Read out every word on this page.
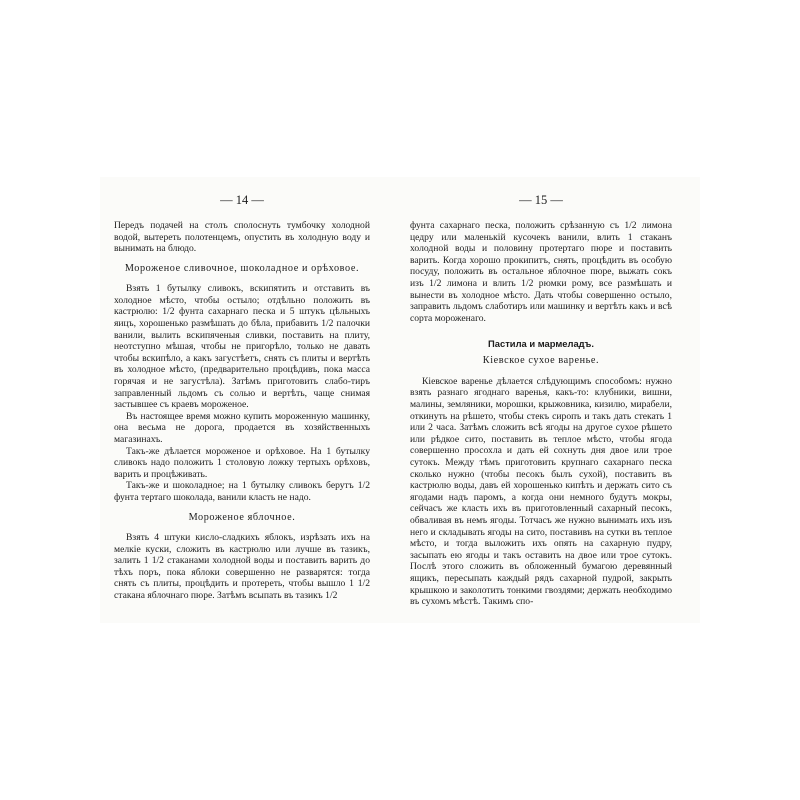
— 14 —

Передъ подачей на столъ сполоснуть тумбочку холодной водой, вытереть полотенцемъ, опустить въ холодную воду и вынимать на блюдо.

Мороженое сливочное, шоколадное и орѣховое.

Взять 1 бутылку сливокъ, вскипятить и отставить въ холодное мѣсто, чтобы остыло; отдѣльно положить въ кастрюлю: 1/2 фунта сахарнаго песка и 5 штукъ цѣльныхъ яицъ, хорошенько размѣшать до бѣла, прибавить 1/2 палочки ванили, вылить вскипяченыя сливки, поставить на плиту, неотступно мѣшая, чтобы не пригорѣло, только не давать чтобы вскипѣло, а какъ загустѣетъ, снять съ плиты и вертѣть въ холодное мѣсто, (предварительно процѣдивъ, пока масса горячая и не загустѣла). Затѣмъ приготовить слабо-тиръ заправленный льдомъ съ солью и вертѣть, чаще снимая застывшее съ краевъ мороженое.

Въ настоящее время можно купить мороженную машинку, она весьма не дорога, продается въ хозяйственныхъ магазинахъ.

Такъ-же дѣлается мороженое и орѣховое. На 1 бутылку сливокъ надо положить 1 столовую ложку тертыхъ орѣховъ, варить и процѣживать.

Такъ-же и шоколадное; на 1 бутылку сливокъ берутъ 1/2 фунта тертаго шоколада, ванили класть не надо.

Мороженое яблочное.

Взять 4 штуки кисло-сладкихъ яблокъ, изрѣзать ихъ на мелкіе куски, сложить въ кастрюлю или лучше въ тазикъ, залить 1 1/2 стаканами холодной воды и поставить варить до тѣхъ поръ, пока яблоки совершенно не разварятся: тогда снять съ плиты, процѣдить и протереть, чтобы вышло 1 1/2 стакана яблочнаго пюре. Затѣмъ всыпать въ тазикъ 1/2

— 15 —

фунта сахарнаго песка, положить срѣзанную съ 1/2 лимона цедру или маленькій кусочекъ ванили, влить 1 стаканъ холодной воды и половину протертаго пюре и поставить варить. Когда хорошо прокипитъ, снять, процѣдить въ особую посуду, положить въ остальное яблочное пюре, выжать сокъ изъ 1/2 лимона и влить 1/2 рюмки рому, все размѣшать и вынести въ холодное мѣсто. Дать чтобы совершенно остыло, заправить льдомъ слаботиръ или машинку и вертѣть какъ и всѣ сорта мороженаго.

Пастила и мармеладъ.
Кіевское сухое варенье.

Кіевское варенье дѣлается слѣдующимъ способомъ: нужно взять разнаго ягоднаго варенья, какъ-то: клубники, вишни, малины, земляники, морошки, крыжовника, кизилю, мирабели, откинуть на рѣшето, чтобы стекъ сиропъ и такъ дать стекать 1 или 2 часа. Затѣмъ сложить всѣ ягоды на другое сухое рѣшето или рѣдкое сито, поставить въ теплое мѣсто, чтобы ягода совершенно просохла и дать ей сохнуть дня двое или трое сутокъ. Между тѣмъ приготовить крупнаго сахарнаго песка сколько нужно (чтобы песокъ былъ сухой), поставить въ кастрюлю воды, давъ ей хорошенько кипѣть и держать сито съ ягодами надъ паромъ, а когда они немного будутъ мокры, сейчасъ же класть ихъ въ приготовленный сахарный песокъ, обваливая въ немъ ягоды. Тотчасъ же нужно вынимать ихъ изъ него и складывать ягоды на сито, поставивъ на сутки въ теплое мѣсто, и тогда выложить ихъ опять на сахарную пудру, засыпать ею ягоды и такъ оставить на двое или трое сутокъ. Послѣ этого сложить въ обложенный бумагою деревянный ящикъ, пересыпать каждый рядъ сахарной пудрой, закрыть крышкою и заколотить тонкими гвоздями; держать необходимо въ сухомъ мѣстѣ. Такимъ спо-
